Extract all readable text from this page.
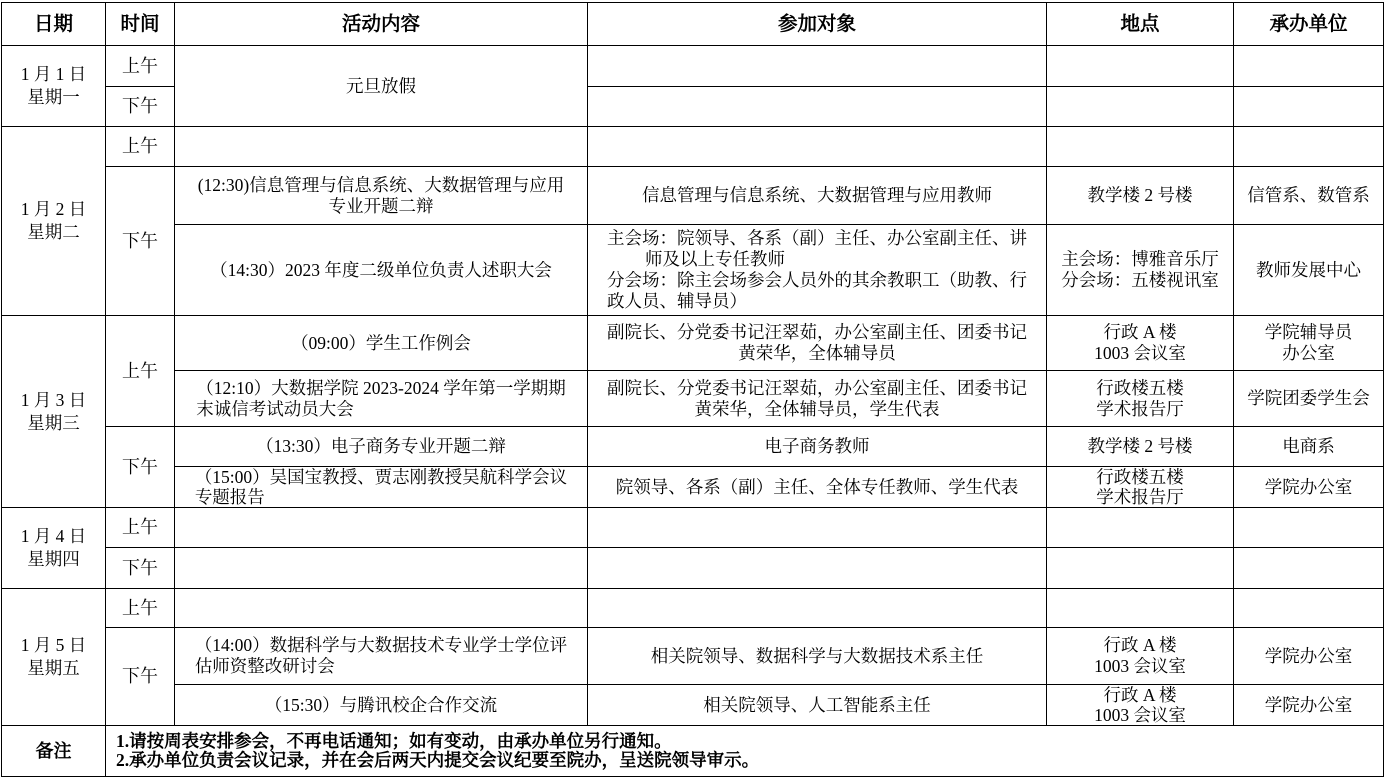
日期	时间	活动内容	参加对象	地点	承办单位

1 月 1 日
星期一	上午	元旦放假			
	下午				

1 月 2 日
星期二	上午				
	下午	(12:30)信息管理与信息系统、大数据管理与应用
专业开题二辩	信息管理与信息系统、大数据管理与应用教师	教学楼 2 号楼	信管系、数管系

		（14:30）2023 年度二级单位负责人述职大会	主会场：院领导、各系（副）主任、办公室副主任、讲
师及以上专任教师
分会场：除主会场参会人员外的其余教职工（助教、行
政人员、辅导员）	主会场：博雅音乐厅
分会场：五楼视讯室	教师发展中心

1 月 3 日
星期三	上午	（09:00）学生工作例会	副院长、分党委书记汪翠茹，办公室副主任、团委书记
黄荣华，全体辅导员	行政 A 楼
1003 会议室	学院辅导员
办公室

		（12:10）大数据学院 2023-2024 学年第一学期期
末诚信考试动员大会	副院长、分党委书记汪翠茹，办公室副主任、团委书记
黄荣华，全体辅导员，学生代表	行政楼五楼
学术报告厅	学院团委学生会

	下午	（13:30）电子商务专业开题二辩	电子商务教师	教学楼 2 号楼	电商系

		（15:00）吴国宝教授、贾志刚教授吴航科学会议
专题报告	院领导、各系（副）主任、全体专任教师、学生代表	行政楼五楼
学术报告厅	学院办公室

1 月 4 日
星期四	上午				
	下午				

1 月 5 日
星期五	上午				
	下午	（14:00）数据科学与大数据技术专业学士学位评
估师资整改研讨会	相关院领导、数据科学与大数据技术系主任	行政 A 楼
1003 会议室	学院办公室

		（15:30）与腾讯校企合作交流	相关院领导、人工智能系主任	行政 A 楼
1003 会议室	学院办公室

备注	1.请按周表安排参会，不再电话通知；如有变动，由承办单位另行通知。
2.承办单位负责会议记录，并在会后两天内提交会议纪要至院办，呈送院领导审示。				
